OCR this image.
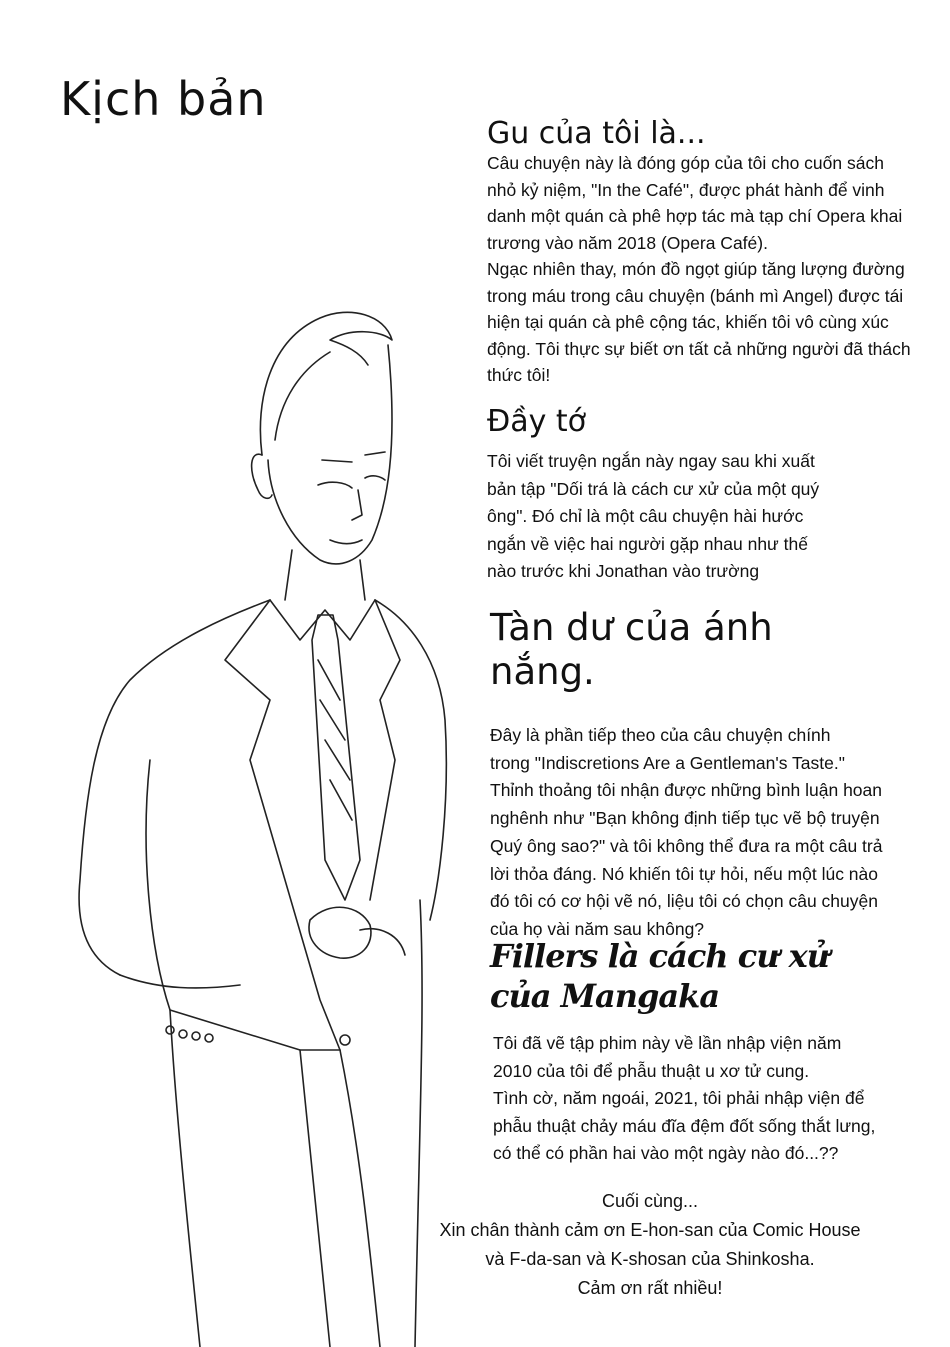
Kịch bản
Gu của tôi là...
Câu chuyện này là đóng góp của tôi cho cuốn sách
nhỏ kỷ niệm, "In the Café", được phát hành để vinh
danh một quán cà phê hợp tác mà tạp chí Opera khai
trương vào năm 2018 (Opera Café).
Ngạc nhiên thay, món đồ ngọt giúp tăng lượng đường
trong máu trong câu chuyện (bánh mì Angel) được tái
hiện tại quán cà phê cộng tác, khiến tôi vô cùng xúc
động. Tôi thực sự biết ơn tất cả những người đã thách
thức tôi!
Đầy tớ
Tôi viết truyện ngắn này ngay sau khi xuất
bản tập "Dối trá là cách cư xử của một quý
ông". Đó chỉ là một câu chuyện hài hước
ngắn về việc hai người gặp nhau như thế
nào trước khi Jonathan vào trường
Tàn dư của ánh
nắng.
Đây là phần tiếp theo của câu chuyện chính
trong "Indiscretions Are a Gentleman's Taste."
Thỉnh thoảng tôi nhận được những bình luận hoan
nghênh như "Bạn không định tiếp tục vẽ bộ truyện
Quý ông sao?" và tôi không thể đưa ra một câu trả
lời thỏa đáng. Nó khiến tôi tự hỏi, nếu một lúc nào
đó tôi có cơ hội vẽ nó, liệu tôi có chọn câu chuyện
của họ vài năm sau không?
Fillers là cách cư xử
của Mangaka
Tôi đã vẽ tập phim này về lần nhập viện năm
2010 của tôi để phẫu thuật u xơ tử cung.
Tình cờ, năm ngoái, 2021, tôi phải nhập viện để
phẫu thuật chảy máu đĩa đệm đốt sống thắt lưng,
có thể có phần hai vào một ngày nào đó...??
Cuối cùng...
Xin chân thành cảm ơn E-hon-san của Comic House
và F-da-san và K-shosan của Shinkosha.
Cảm ơn rất nhiều!
